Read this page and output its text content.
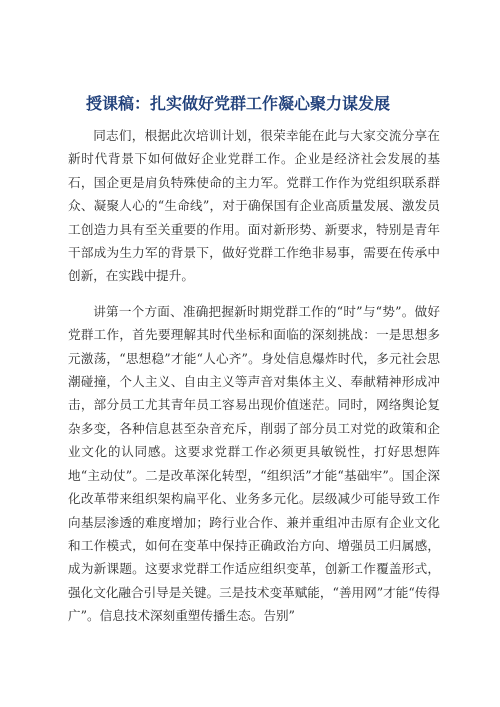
授课稿：扎实做好党群工作凝心聚力谋发展

同志们，根据此次培训计划，很荣幸能在此与大家交流分享在新时代背景下如何做好企业党群工作。企业是经济社会发展的基石，国企更是肩负特殊使命的主力军。党群工作作为党组织联系群众、凝聚人心的“生命线”，对于确保国有企业高质量发展、激发员工创造力具有至关重要的作用。面对新形势、新要求，特别是青年干部成为生力军的背景下，做好党群工作绝非易事，需要在传承中创新，在实践中提升。

讲第一个方面、准确把握新时期党群工作的“时”与“势”。做好党群工作，首先要理解其时代坐标和面临的深刻挑战：一是思想多元激荡，“思想稳”才能“人心齐”。身处信息爆炸时代，多元社会思潮碰撞，个人主义、自由主义等声音对集体主义、奉献精神形成冲击，部分员工尤其青年员工容易出现价值迷茫。同时，网络舆论复杂多变，各种信息甚至杂音充斥，削弱了部分员工对党的政策和企业文化的认同感。这要求党群工作必须更具敏锐性，打好思想阵地“主动仗”。二是改革深化转型，“组织活”才能“基础牢”。国企深化改革带来组织架构扁平化、业务多元化。层级减少可能导致工作向基层渗透的难度增加；跨行业合作、兼并重组冲击原有企业文化和工作模式，如何在变革中保持正确政治方向、增强员工归属感，成为新课题。这要求党群工作适应组织变革，创新工作覆盖形式，强化文化融合引导是关键。三是技术变革赋能，“善用网”才能“传得广”。信息技术深刻重塑传播生态。告别”
